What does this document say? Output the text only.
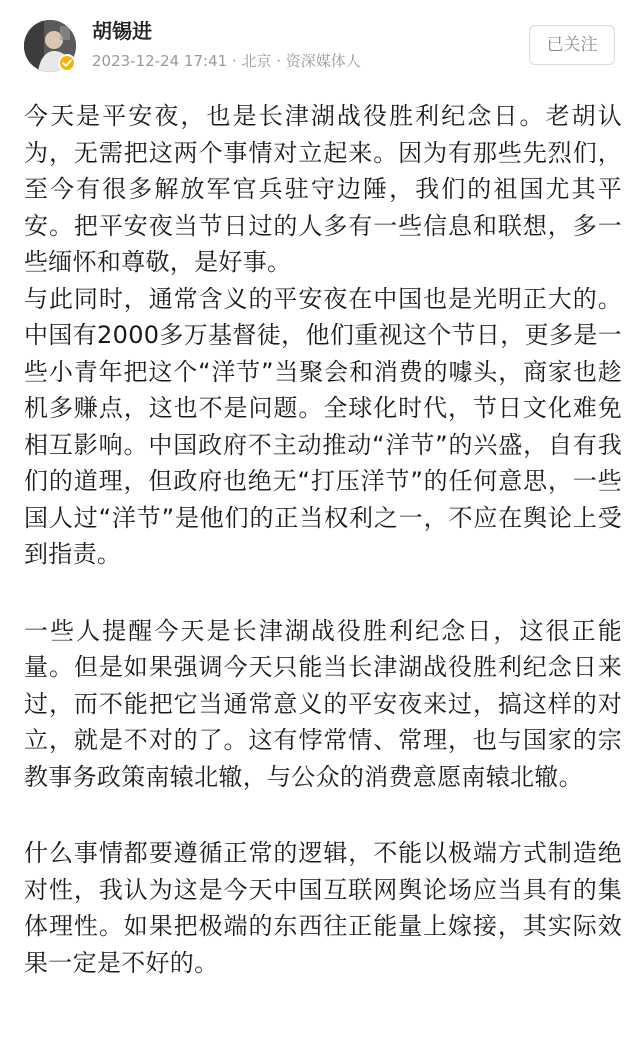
胡锡进
2023-12-24 17:41 · 北京 · 资深媒体人
已关注

今天是平安夜，也是长津湖战役胜利纪念日。老胡认为，无需把这两个事情对立起来。因为有那些先烈们，至今有很多解放军官兵驻守边陲，我们的祖国尤其平安。把平安夜当节日过的人多有一些信息和联想，多一些缅怀和尊敬，是好事。

与此同时，通常含义的平安夜在中国也是光明正大的。中国有2000多万基督徒，他们重视这个节日，更多是一些小青年把这个“洋节”当聚会和消费的噱头，商家也趁机多赚点，这也不是问题。全球化时代，节日文化难免相互影响。中国政府不主动推动“洋节”的兴盛，自有我们的道理，但政府也绝无“打压洋节”的任何意思，一些国人过“洋节”是他们的正当权利之一，不应在舆论上受到指责。

一些人提醒今天是长津湖战役胜利纪念日，这很正能量。但是如果强调今天只能当长津湖战役胜利纪念日来过，而不能把它当通常意义的平安夜来过，搞这样的对立，就是不对的了。这有悖常情、常理，也与国家的宗教事务政策南辕北辙，与公众的消费意愿南辕北辙。

什么事情都要遵循正常的逻辑，不能以极端方式制造绝对性，我认为这是今天中国互联网舆论场应当具有的集体理性。如果把极端的东西往正能量上嫁接，其实际效果一定是不好的。
